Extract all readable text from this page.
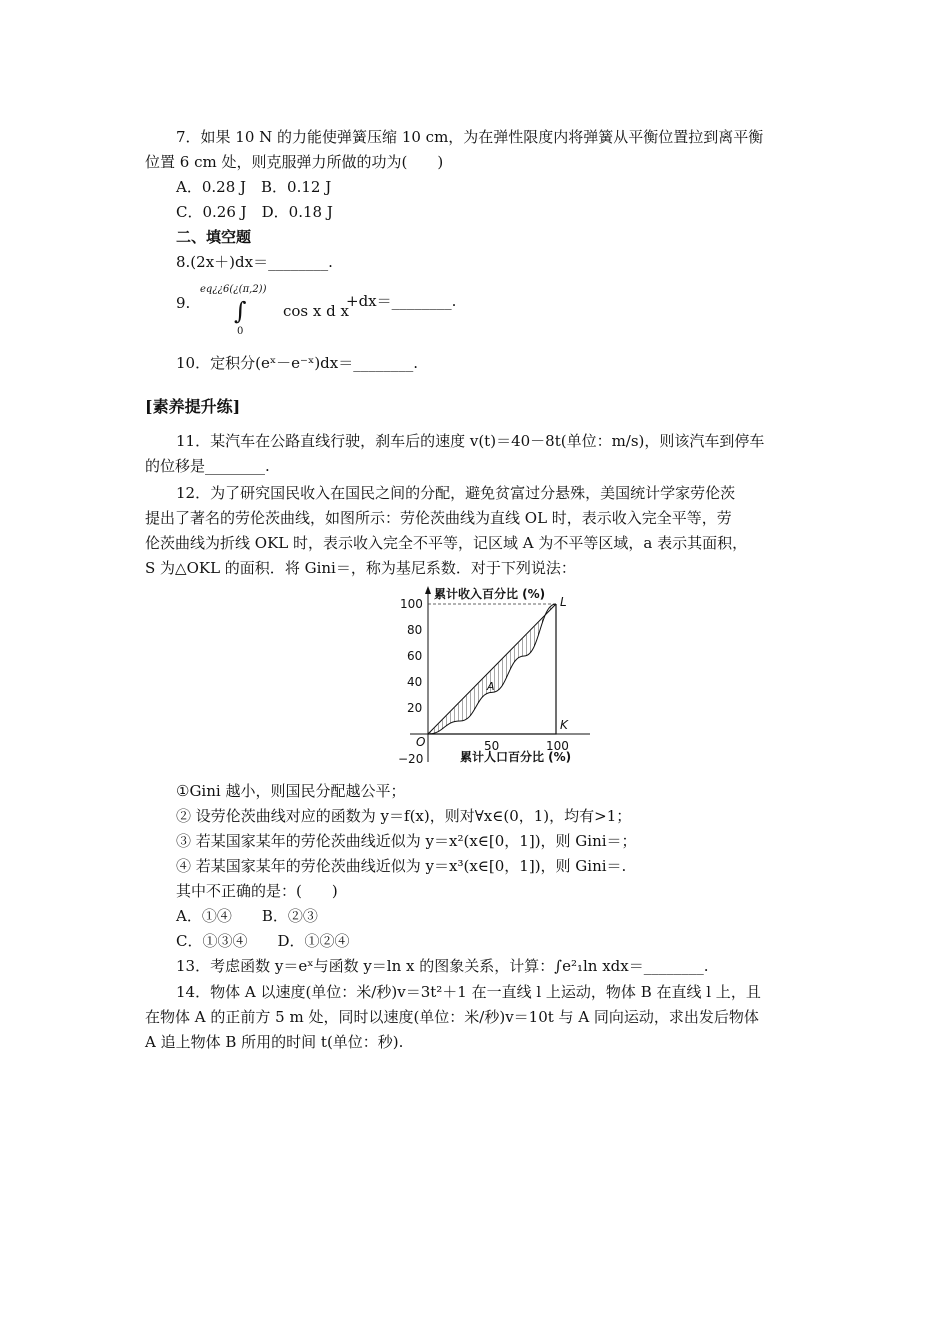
7．如果 10 N 的力能使弹簧压缩 10 cm，为在弹性限度内将弹簧从平衡位置拉到离平衡
位置 6 cm 处，则克服弹力所做的功为(　　)
A．0.28 J　B．0.12 J
C．0.26 J　D．0.18 J
二、填空题
8.(2x＋)dx＝________.
9.
eq¿¿6(¿(π,2))
∫
0
cos x d x
+dx＝________.
10．定积分(eˣ－e⁻ˣ)dx＝________.
[素养提升练]
11．某汽车在公路直线行驶，刹车后的速度 v(t)＝40－8t(单位：m/s)，则该汽车到停车
的位移是________.
12．为了研究国民收入在国民之间的分配，避免贫富过分悬殊，美国统计学家劳伦茨
提出了著名的劳伦茨曲线，如图所示：劳伦茨曲线为直线 OL 时，表示收入完全平等，劳
伦茨曲线为折线 OKL 时，表示收入完全不平等，记区域 A 为不平等区域，a 表示其面积，
S 为△OKL 的面积．将 Gini＝，称为基尼系数．对于下列说法：
累计收入百分比 (%)
累计人口百分比 (%)
100
80
60
40
20
−20
50	100
O
L
K
A
①Gini 越小，则国民分配越公平；
② 设劳伦茨曲线对应的函数为 y＝f(x)，则对∀x∈(0，1)，均有>1；
③ 若某国家某年的劳伦茨曲线近似为 y＝x²(x∈[0，1])，则 Gini＝；
④ 若某国家某年的劳伦茨曲线近似为 y＝x³(x∈[0，1])，则 Gini＝.
其中不正确的是：(　　)
A．①④　　B．②③
C．①③④　　D．①②④
13．考虑函数 y＝eˣ与函数 y＝ln x 的图象关系，计算：∫e²₁ln xdx＝________.
14．物体 A 以速度(单位：米/秒)v＝3t²＋1 在一直线 l 上运动，物体 B 在直线 l 上，且
在物体 A 的正前方 5 m 处，同时以速度(单位：米/秒)v＝10t 与 A 同向运动，求出发后物体
A 追上物体 B 所用的时间 t(单位：秒).
